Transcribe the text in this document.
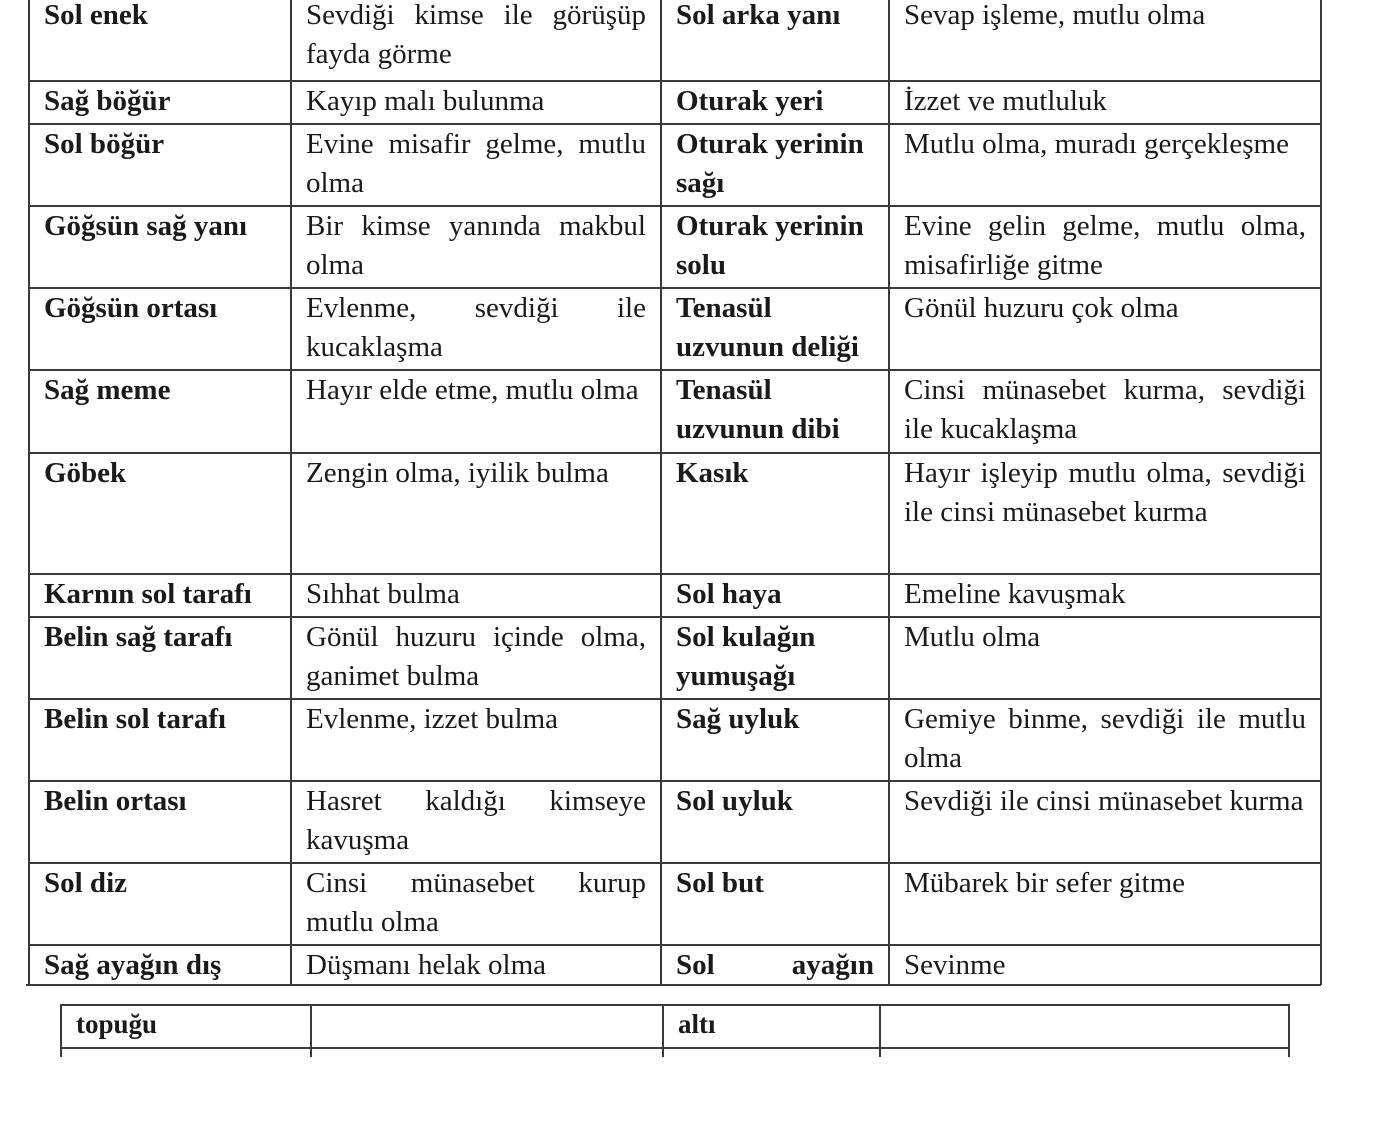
Sol enek	Sevdiği kimse ile görüşüp fayda görme	Sol arka yanı	Sevap işleme, mutlu olma
Sağ böğür	Kayıp malı bulunma	Oturak yeri	İzzet ve mutluluk
Sol böğür	Evine misafir gelme, mutlu olma	Oturak yerinin sağı	Mutlu olma, muradı gerçekleşme
Göğsün sağ yanı	Bir kimse yanında makbul olma	Oturak yerinin solu	Evine gelin gelme, mutlu olma, misafirliğe gitme
Göğsün ortası	Evlenme, sevdiği ile kucaklaşma	Tenasül uzvunun deliği	Gönül huzuru çok olma
Sağ meme	Hayır elde etme, mutlu olma	Tenasül uzvunun dibi	Cinsi münasebet kurma, sevdiği ile kucaklaşma
Göbek	Zengin olma, iyilik bulma	Kasık	Hayır işleyip mutlu olma, sevdiği ile cinsi münasebet kurma
Karnın sol tarafı	Sıhhat bulma	Sol haya	Emeline kavuşmak
Belin sağ tarafı	Gönül huzuru içinde olma, ganimet bulma	Sol kulağın yumuşağı	Mutlu olma
Belin sol tarafı	Evlenme, izzet bulma	Sağ uyluk	Gemiye binme, sevdiği ile mutlu olma
Belin ortası	Hasret kaldığı kimseye kavuşma	Sol uyluk	Sevdiği ile cinsi münasebet kurma
Sol diz	Cinsi münasebet kurup mutlu olma	Sol but	Mübarek bir sefer gitme
Sağ ayağın dış	Düşmanı helak olma	Sol ayağın	Sevinme
topuğu		altı	
